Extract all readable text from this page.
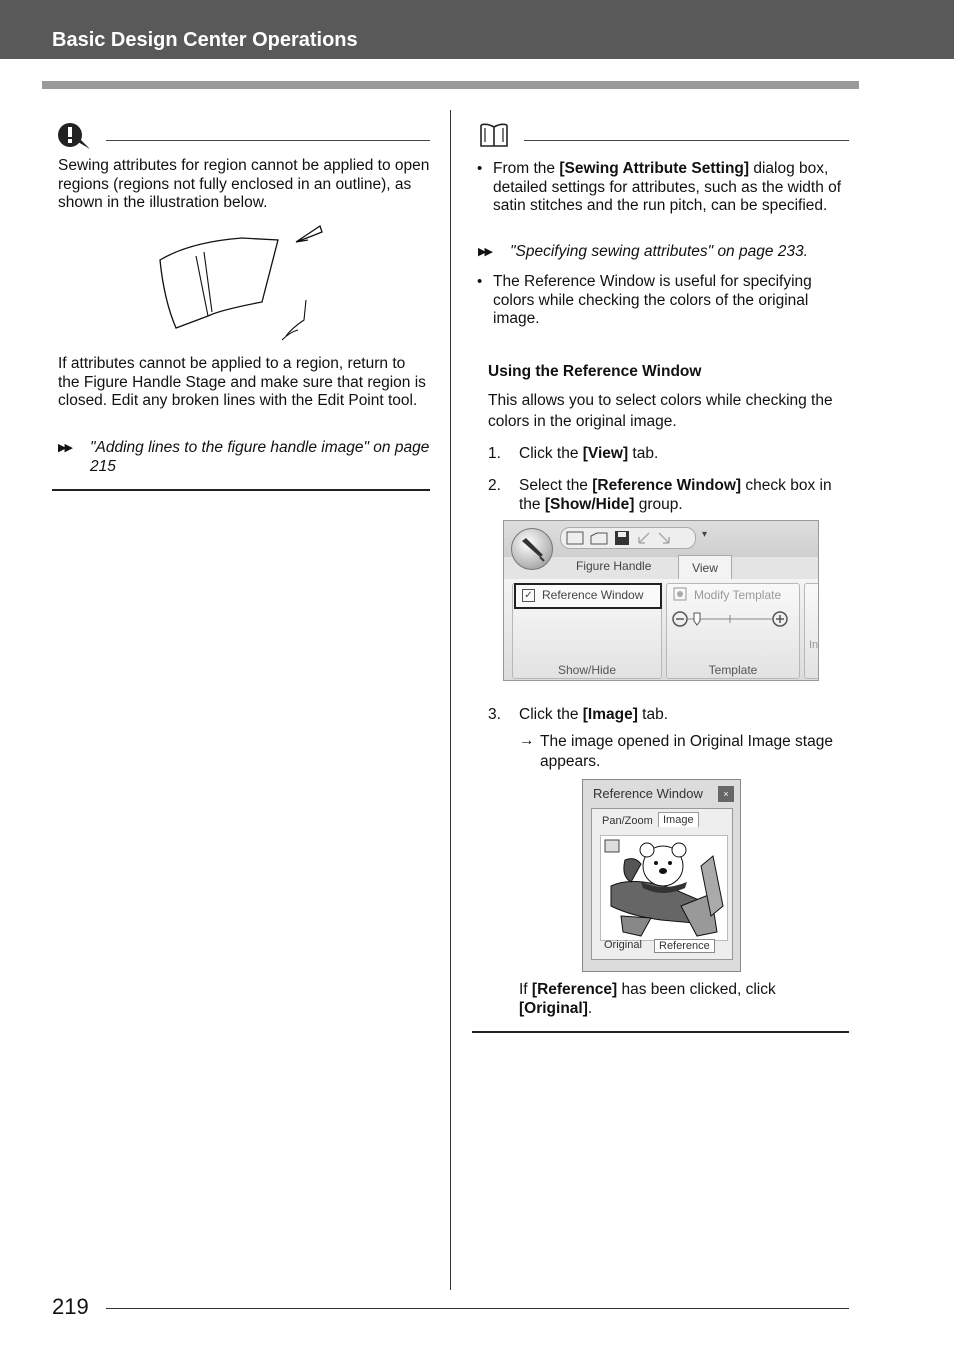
Basic Design Center Operations
Sewing attributes for region cannot be applied to open regions (regions not fully enclosed in an outline), as shown in the illustration below.
If attributes cannot be applied to a region, return to the Figure Handle Stage and make sure that region is closed. Edit any broken lines with the Edit Point tool.
▶▶ "Adding lines to the figure handle image" on page 215
• From the [Sewing Attribute Setting] dialog box, detailed settings for attributes, such as the width of satin stitches and the run pitch, can be specified.
▶▶ "Specifying sewing attributes" on page 233.
• The Reference Window is useful for specifying colors while checking the colors of the original image.
Using the Reference Window
This allows you to select colors while checking the colors in the original image.
1. Click the [View] tab.
2. Select the [Reference Window] check box in the [Show/Hide] group.
▾
Figure Handle	View
Show/Hide
✓ Reference Window
Template
Modify Template
In
3. Click the [Image] tab.
→ The image opened in Original Image stage appears.
Reference Window	×
Pan/Zoom Image
Original	Reference
If [Reference] has been clicked, click [Original].
219
